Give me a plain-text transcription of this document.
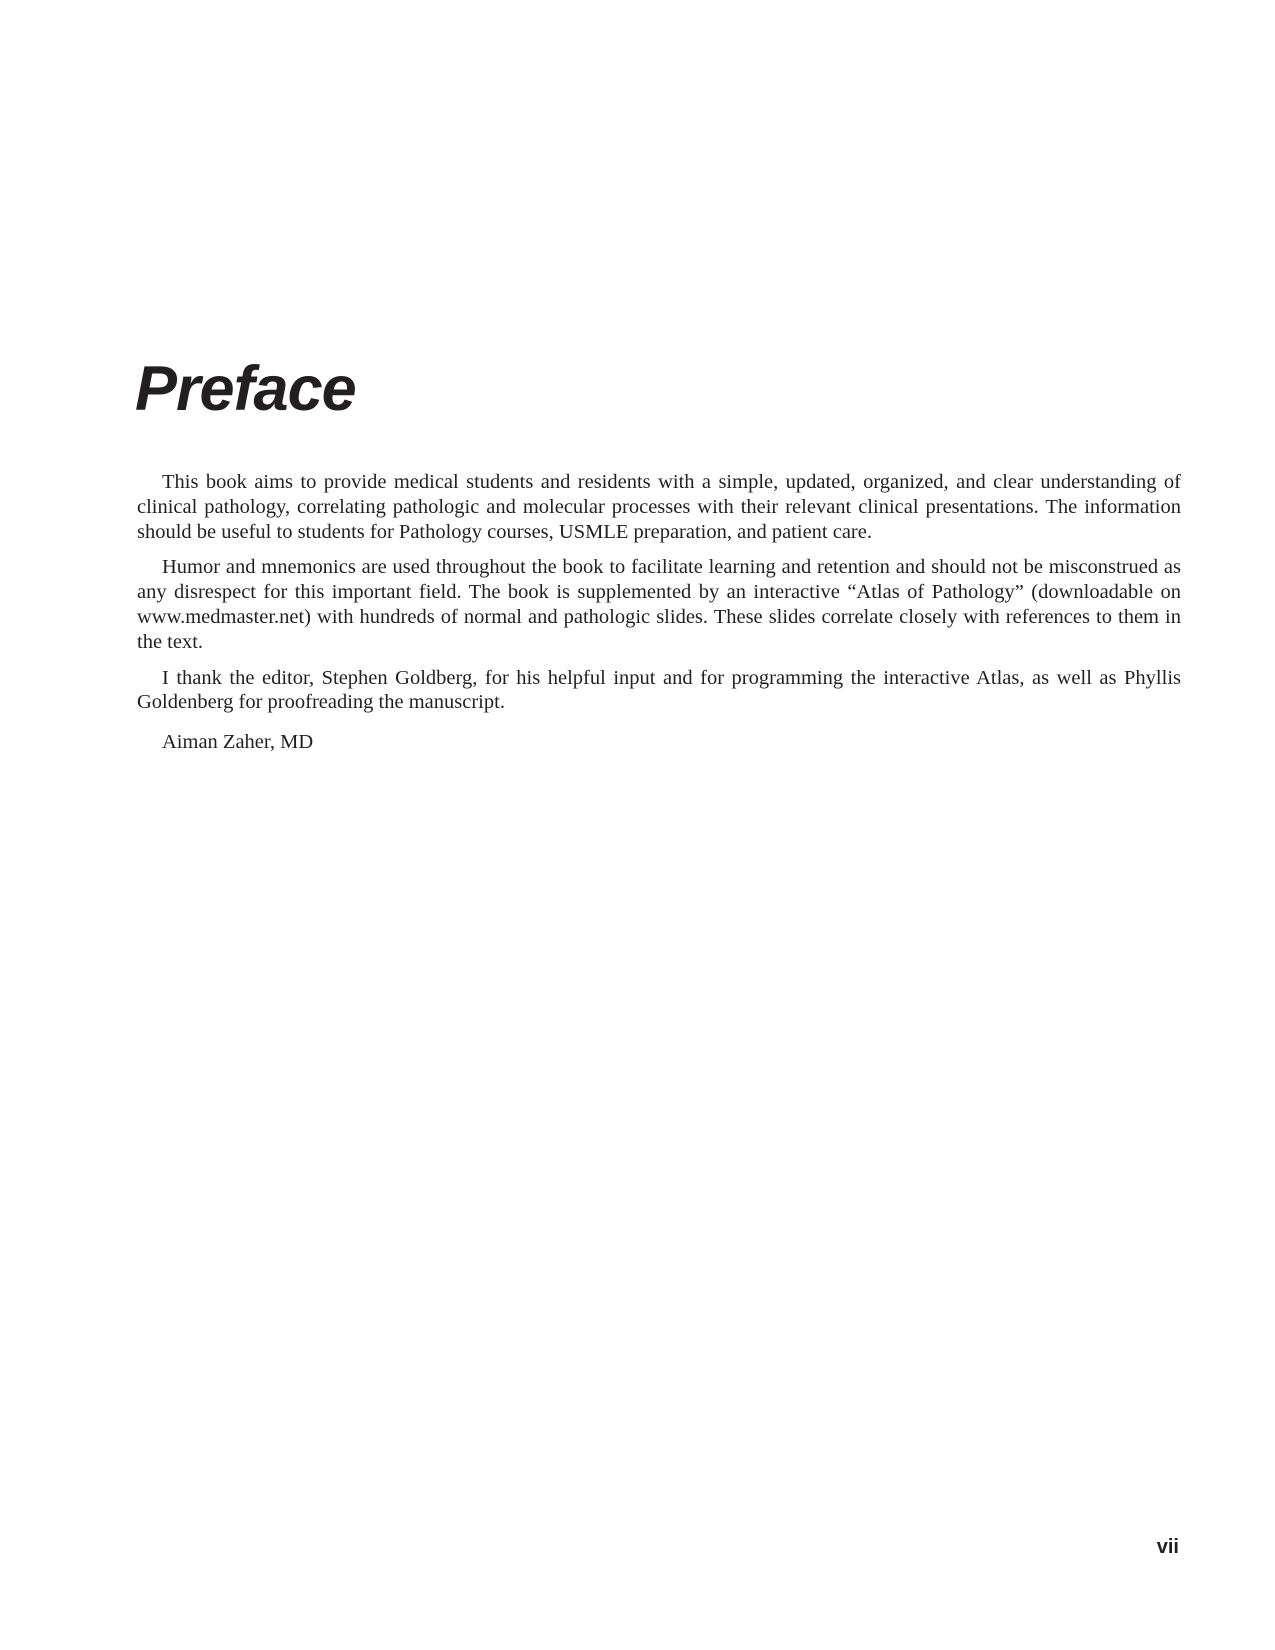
Preface

This book aims to provide medical students and residents with a simple, updated, organized, and clear understanding of clinical pathology, correlating pathologic and molecular processes with their relevant clinical presentations. The information should be useful to students for Pathology courses, USMLE preparation, and patient care.

Humor and mnemonics are used throughout the book to facilitate learning and retention and should not be misconstrued as any disrespect for this important field. The book is supplemented by an interactive “Atlas of Pathology” (downloadable on www.medmaster.net) with hundreds of normal and pathologic slides. These slides correlate closely with references to them in the text.

I thank the editor, Stephen Goldberg, for his helpful input and for programming the interactive Atlas, as well as Phyllis Goldenberg for proofreading the manuscript.

Aiman Zaher, MD

vii
